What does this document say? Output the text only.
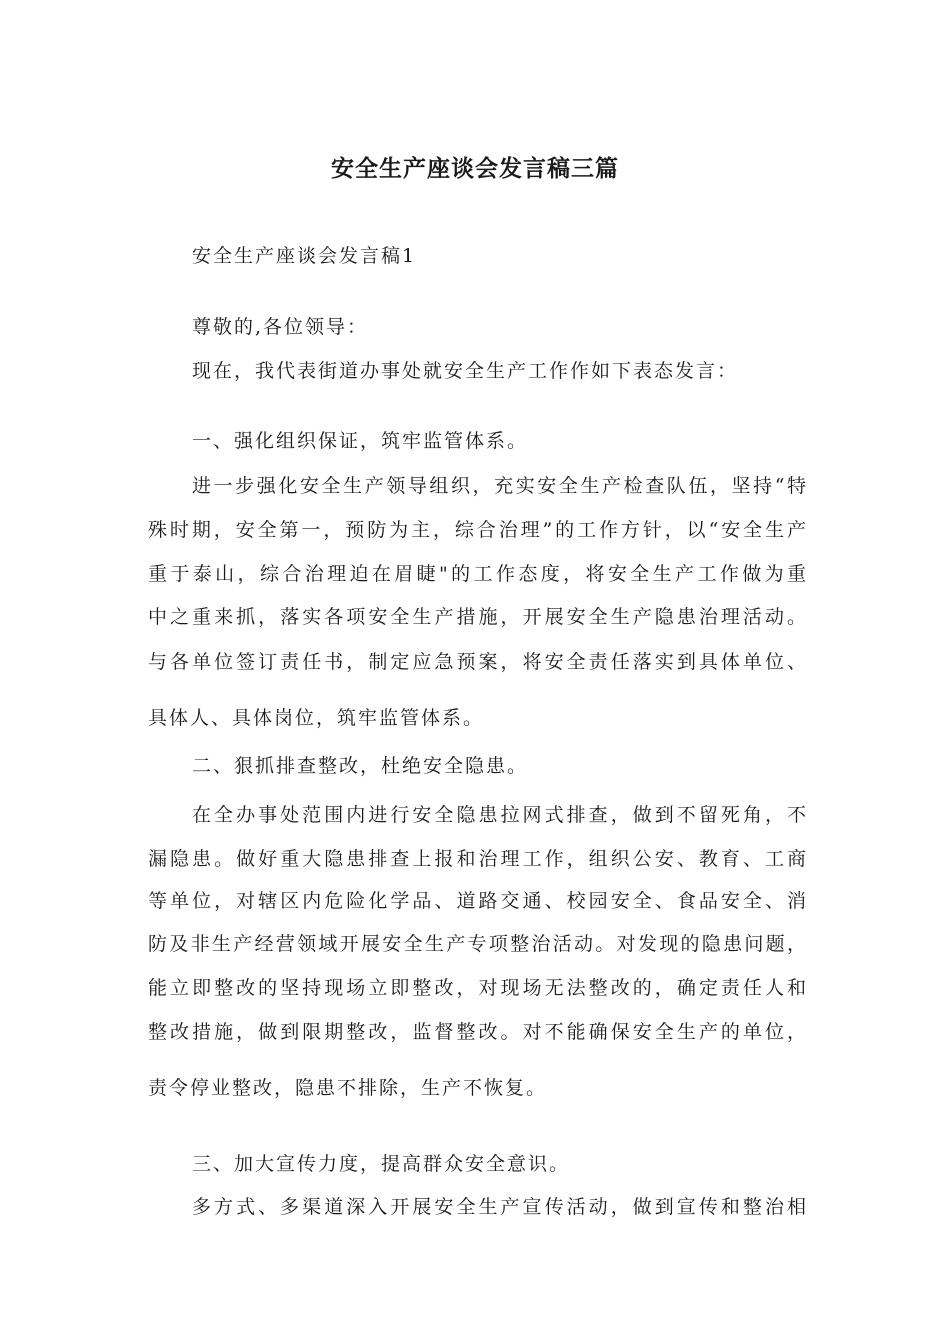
安全生产座谈会发言稿三篇

安全生产座谈会发言稿1

尊敬的,各位领导：

现在，我代表街道办事处就安全生产工作作如下表态发言：

一、强化组织保证，筑牢监管体系。

进一步强化安全生产领导组织，充实安全生产检查队伍，坚持“特

殊时期，安全第一，预防为主，综合治理”的工作方针，以“安全生产

重于泰山，综合治理迫在眉睫"的工作态度，将安全生产工作做为重

中之重来抓，落实各项安全生产措施，开展安全生产隐患治理活动。

与各单位签订责任书，制定应急预案，将安全责任落实到具体单位、

具体人、具体岗位，筑牢监管体系。

二、狠抓排查整改，杜绝安全隐患。

在全办事处范围内进行安全隐患拉网式排查，做到不留死角，不

漏隐患。做好重大隐患排查上报和治理工作，组织公安、教育、工商

等单位，对辖区内危险化学品、道路交通、校园安全、食品安全、消

防及非生产经营领域开展安全生产专项整治活动。对发现的隐患问题，

能立即整改的坚持现场立即整改，对现场无法整改的，确定责任人和

整改措施，做到限期整改，监督整改。对不能确保安全生产的单位，

责令停业整改，隐患不排除，生产不恢复。

三、加大宣传力度，提高群众安全意识。

多方式、多渠道深入开展安全生产宣传活动，做到宣传和整治相
